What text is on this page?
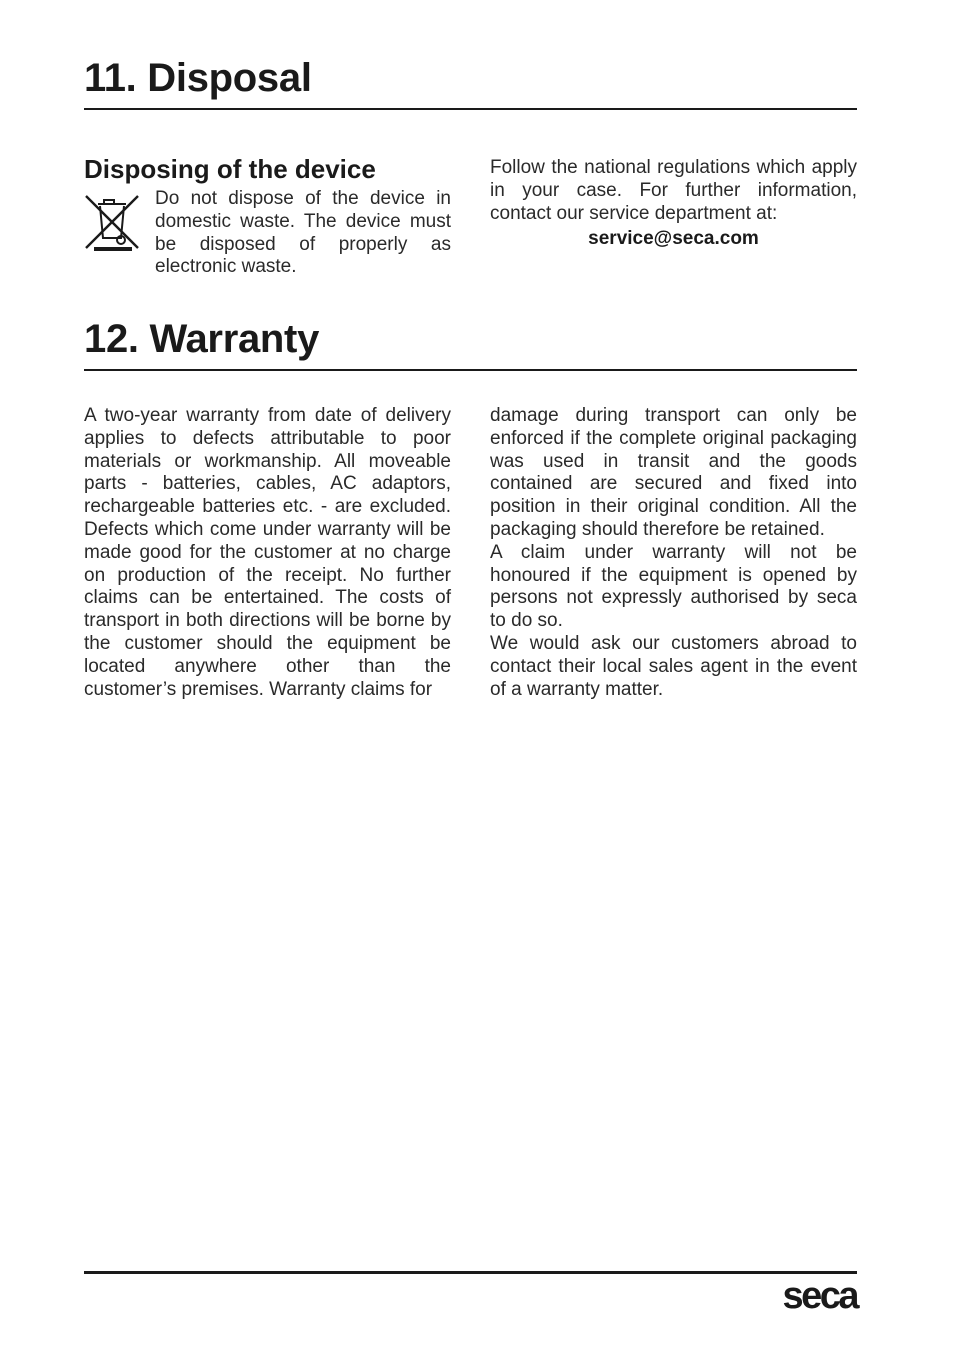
11. Disposal
Disposing of the device

Do not dispose of the device in domestic waste. The device must be disposed of properly as electronic waste.

Follow the national regulations which apply in your case. For further information, contact our service department at:

service@seca.com
12. Warranty

A two-year warranty from date of delivery applies to defects attributable to poor materials or workmanship. All moveable parts - batteries, cables, AC adaptors, rechargeable batteries etc. - are excluded. Defects which come under warranty will be made good for the customer at no charge on production of the receipt. No further claims can be entertained. The costs of transport in both directions will be borne by the customer should the equipment be located anywhere other than the customer’s premises. Warranty claims for

damage during transport can only be enforced if the complete original packaging was used in transit and the goods contained are secured and fixed into position in their original condition. All the packaging should therefore be retained.

A claim under warranty will not be honoured if the equipment is opened by persons not expressly authorised by seca to do so.

We would ask our customers abroad to contact their local sales agent in the event of a warranty matter.

seca
